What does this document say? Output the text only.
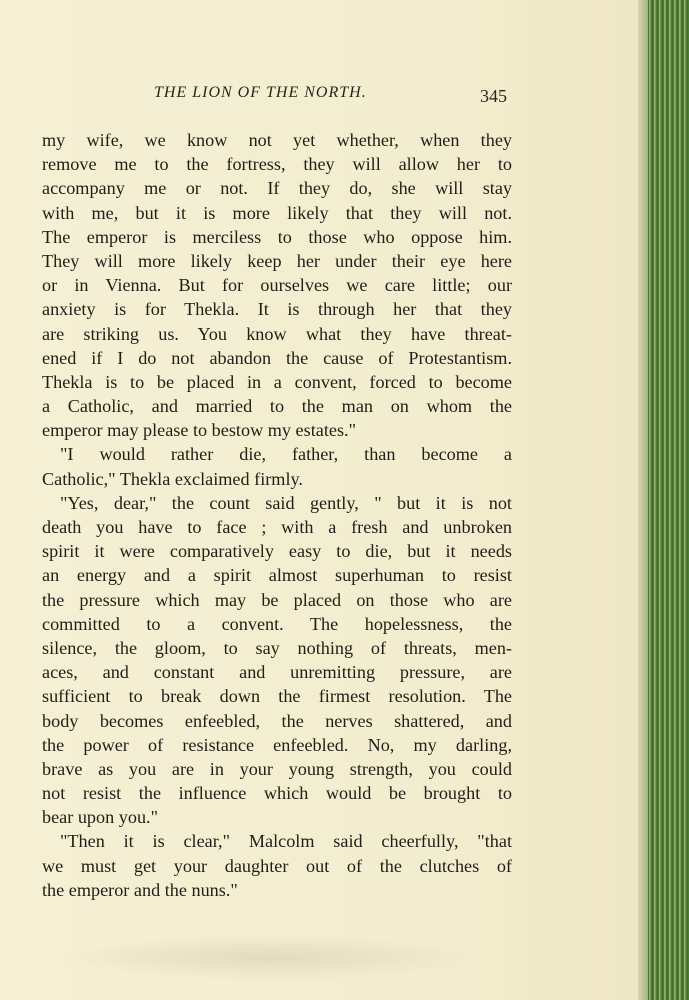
THE LION OF THE NORTH.	345
my wife, we know not yet whether, when they
remove me to the fortress, they will allow her to
accompany me or not. If they do, she will stay
with me, but it is more likely that they will not.
The emperor is merciless to those who oppose him.
They will more likely keep her under their eye here
or in Vienna. But for ourselves we care little; our
anxiety is for Thekla. It is through her that they
are striking us. You know what they have threat-
ened if I do not abandon the cause of Protestantism.
Thekla is to be placed in a convent, forced to become
a Catholic, and married to the man on whom the
emperor may please to bestow my estates."
"I would rather die, father, than become a
Catholic," Thekla exclaimed firmly.
"Yes, dear," the count said gently, " but it is not
death you have to face ; with a fresh and unbroken
spirit it were comparatively easy to die, but it needs
an energy and a spirit almost superhuman to resist
the pressure which may be placed on those who are
committed to a convent. The hopelessness, the
silence, the gloom, to say nothing of threats, men-
aces, and constant and unremitting pressure, are
sufficient to break down the firmest resolution. The
body becomes enfeebled, the nerves shattered, and
the power of resistance enfeebled. No, my darling,
brave as you are in your young strength, you could
not resist the influence which would be brought to
bear upon you."
"Then it is clear," Malcolm said cheerfully, "that
we must get your daughter out of the clutches of
the emperor and the nuns."
